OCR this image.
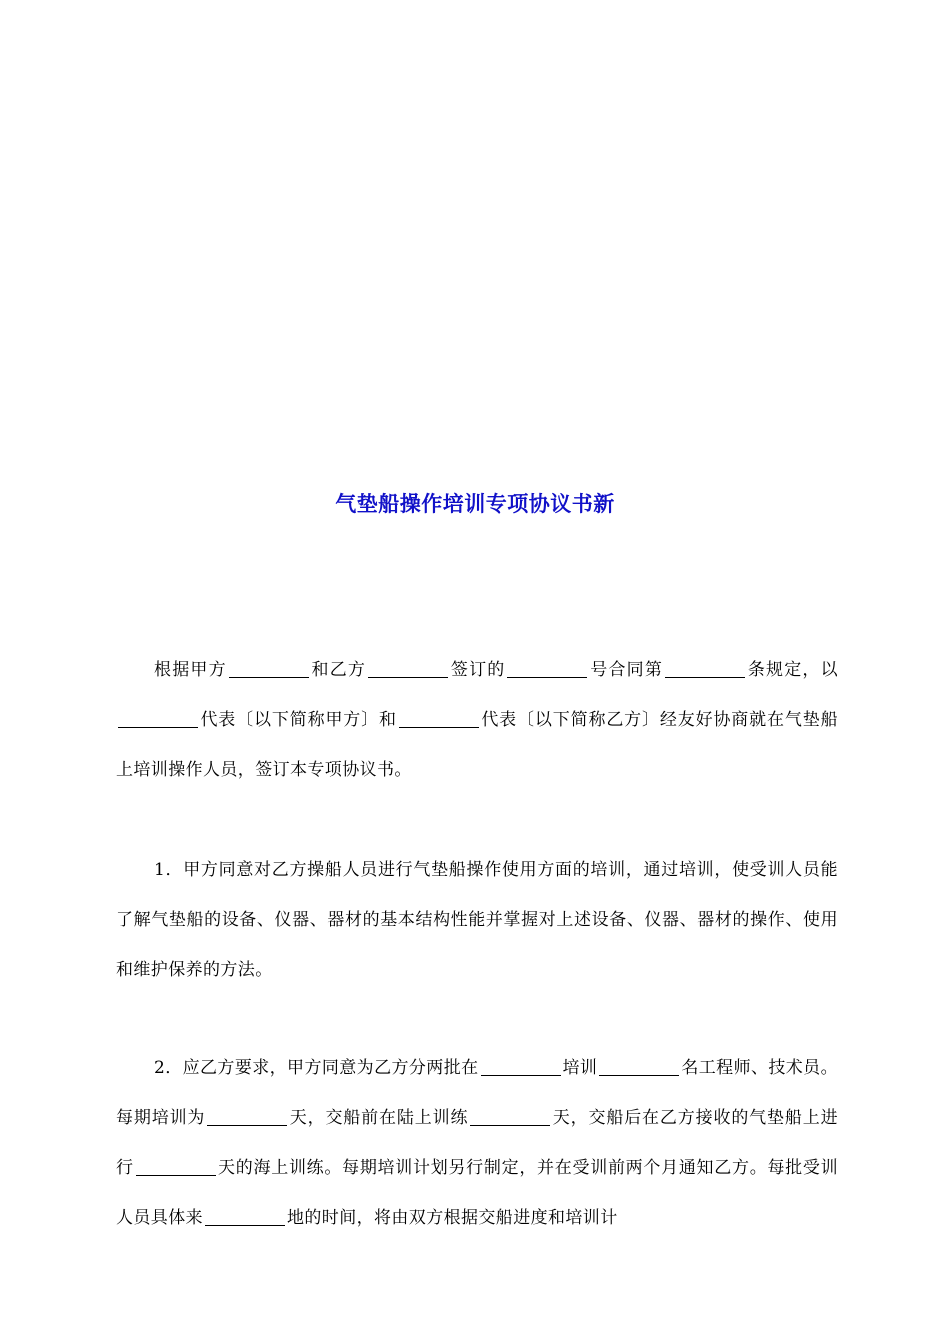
气垫船操作培训专项协议书新

根据甲方	和乙方	签订的	号合同第	条规定，以代表〔以下简称甲方〕和	代表〔以下简称乙方〕经友好协商就在气垫船上培训操作人员，签订本专项协议书。

1．甲方同意对乙方操船人员进行气垫船操作使用方面的培训，通过培训，使受训人员能了解气垫船的设备、仪器、器材的基本结构性能并掌握对上述设备、仪器、器材的操作、使用和维护保养的方法。

2．应乙方要求，甲方同意为乙方分两批在	培训	名工程师、技术员。每期培训为	天，交船前在陆上训练	天，交船后在乙方接收的气垫船上进行	天的海上训练。每期培训计划另行制定，并在受训前两个月通知乙方。每批受训人员具体来	地的时间，将由双方根据交船进度和培训计
